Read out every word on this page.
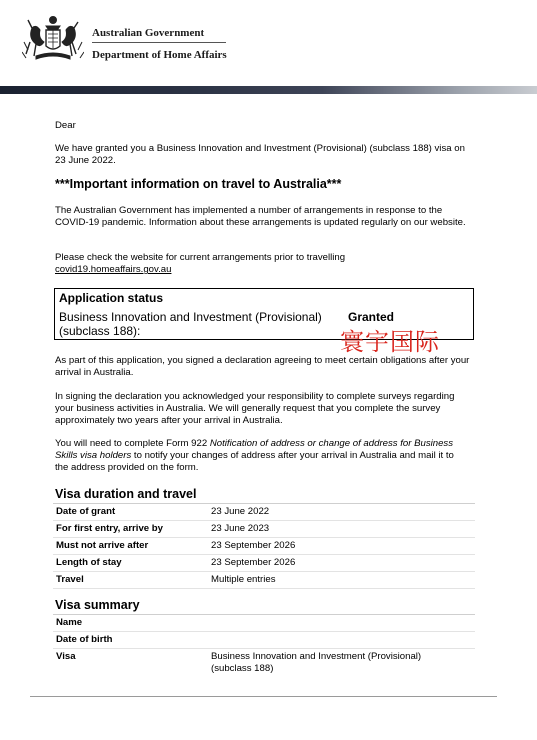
Australian Government
Department of Home Affairs

Dear

We have granted you a Business Innovation and Investment (Provisional) (subclass 188) visa on 23 June 2022.

***Important information on travel to Australia***

The Australian Government has implemented a number of arrangements in response to the COVID-19 pandemic. Information about these arrangements is updated regularly on our website.

Please check the website for current arrangements prior to travelling
covid19.homeaffairs.gov.au

Application status
Business Innovation and Investment (Provisional) (subclass 188):
Granted
寰宇国际

As part of this application, you signed a declaration agreeing to meet certain obligations after your arrival in Australia.

In signing the declaration you acknowledged your responsibility to complete surveys regarding your business activities in Australia. We will generally request that you complete the survey approximately two years after your arrival in Australia.

You will need to complete Form 922 Notification of address or change of address for Business Skills visa holders to notify your changes of address after your arrival in Australia and mail it to the address provided on the form.

Visa duration and travel
Date of grant	23 June 2022
For first entry, arrive by	23 June 2023
Must not arrive after	23 September 2026
Length of stay	23 September 2026
Travel	Multiple entries
Visa summary
Name
Date of birth
Visa	Business Innovation and Investment (Provisional) (subclass 188)
